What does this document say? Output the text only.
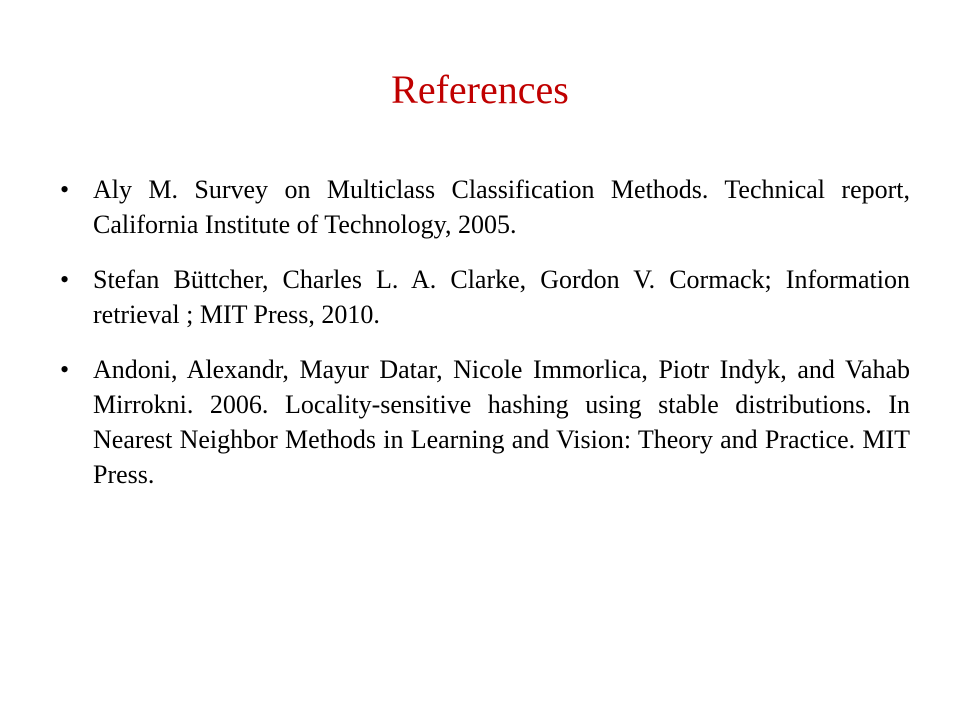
References
• Aly M. Survey on Multiclass Classification Methods. Technical report, California Institute of Technology, 2005.
• Stefan Büttcher, Charles L. A. Clarke, Gordon V. Cormack; Information retrieval ; MIT Press, 2010.
• Andoni, Alexandr, Mayur Datar, Nicole Immorlica, Piotr Indyk, and Vahab Mirrokni. 2006. Locality-sensitive hashing using stable distributions. In Nearest Neighbor Methods in Learning and Vision: Theory and Practice. MIT Press.
